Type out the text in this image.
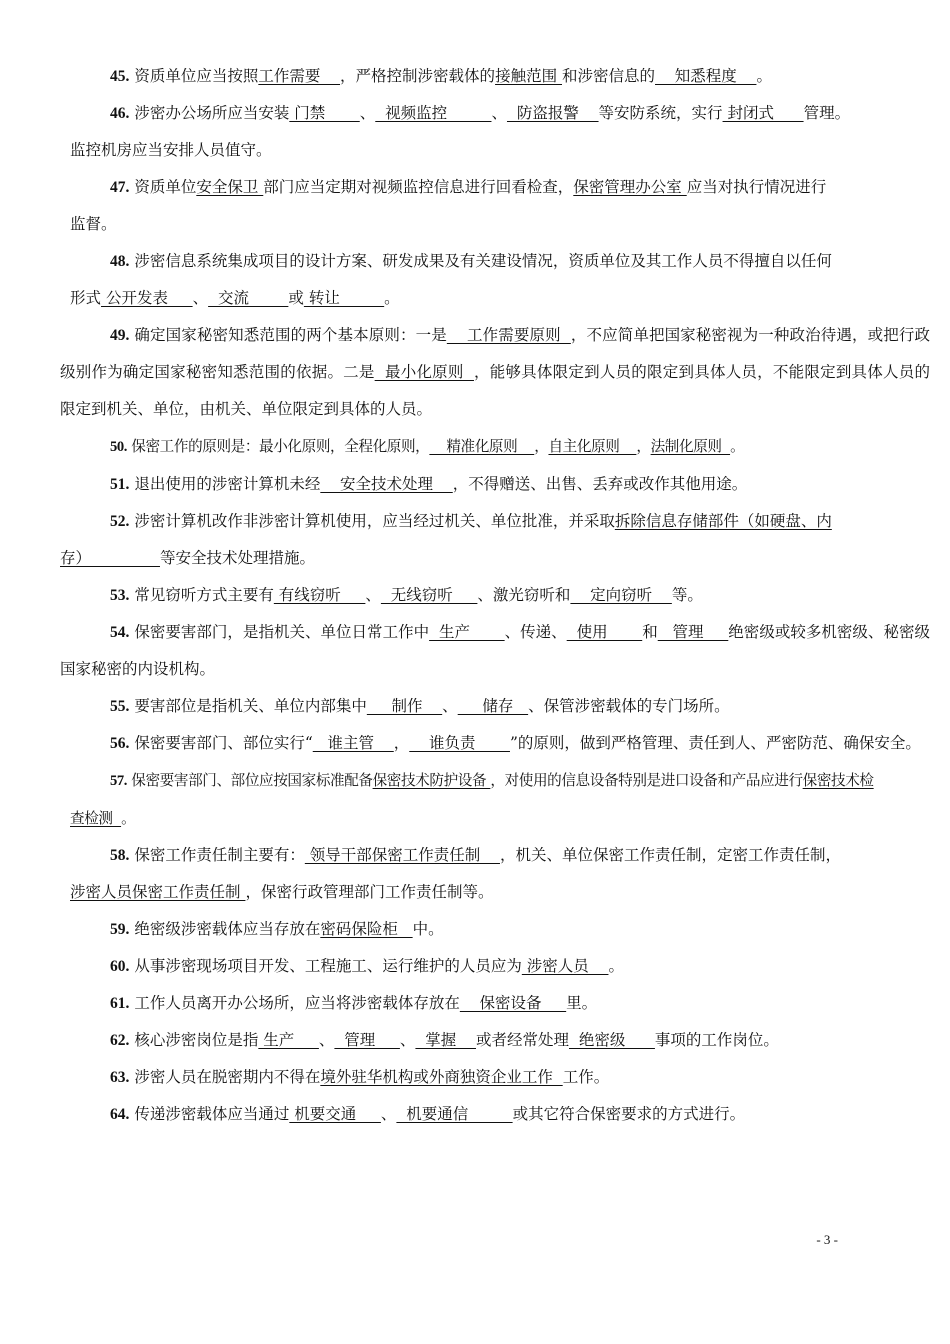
45. 资质单位应当按照工作需要    ，严格控制涉密载体的接触范围 和涉密信息的    知悉程度    。

46. 涉密办公场所应当安装 门禁       、  视频监控         、  防盗报警    等安防系统，实行 封闭式      管理。
监控机房应当安排人员值守。

47. 资质单位安全保卫 部门应当定期对视频监控信息进行回看检查，保密管理办公室 应当对执行情况进行
监督。

48. 涉密信息系统集成项目的设计方案、研发成果及有关建设情况，资质单位及其工作人员不得擅自以任何
形式 公开发表     、  交流        或 转让         。

49. 确定国家秘密知悉范围的两个基本原则：一是    工作需要原则  ，不应简单把国家秘密视为一种政治待遇，或把行政级别作为确定国家秘密知悉范围的依据。二是  最小化原则  ，能够具体限定到人员的限定到具体人员，不能限定到具体人员的限定到机关、单位，由机关、单位限定到具体的人员。

50. 保密工作的原则是：最小化原则，全程化原则，    精准化原则    ，自主化原则    ，法制化原则  。

51. 退出使用的涉密计算机未经    安全技术处理    ，不得赠送、出售、丢弃或改作其他用途。

52. 涉密计算机改作非涉密计算机使用，应当经过机关、单位批准，并采取拆除信息存储部件（如硬盘、内
存）              等安全技术处理措施。

53. 常见窃听方式主要有 有线窃听     、  无线窃听     、激光窃听和    定向窃听    等。

54. 保密要害部门，是指机关、单位日常工作中  生产       、传递、  使用       和   管理     绝密级或较多机密级、秘密级国家秘密的内设机构。

55. 要害部位是指机关、单位内部集中     制作    、     储存   、保管涉密载体的专门场所。

56. 保密要害部门、部位实行“   谁主管    ，    谁负责       ”的原则，做到严格管理、责任到人、严密防范、确保安全。

57. 保密要害部门、部位应按国家标准配备保密技术防护设备 ，对使用的信息设备特别是进口设备和产品应进行保密技术检
查检测  。

58. 保密工作责任制主要有： 领导干部保密工作责任制    ，机关、单位保密工作责任制，定密工作责任制，
涉密人员保密工作责任制 ，保密行政管理部门工作责任制等。

59. 绝密级涉密载体应当存放在密码保险柜   中。

60. 从事涉密现场项目开发、工程施工、运行维护的人员应为 涉密人员    。

61. 工作人员离开办公场所，应当将涉密载体存放在    保密设备     里。

62. 核心涉密岗位是指 生产     、  管理     、  掌握    或者经常处理  绝密级      事项的工作岗位。

63. 涉密人员在脱密期内不得在境外驻华机构或外商独资企业工作  工作。

64. 传递涉密载体应当通过 机要交通     、  机要通信         或其它符合保密要求的方式进行。

- 3 -
